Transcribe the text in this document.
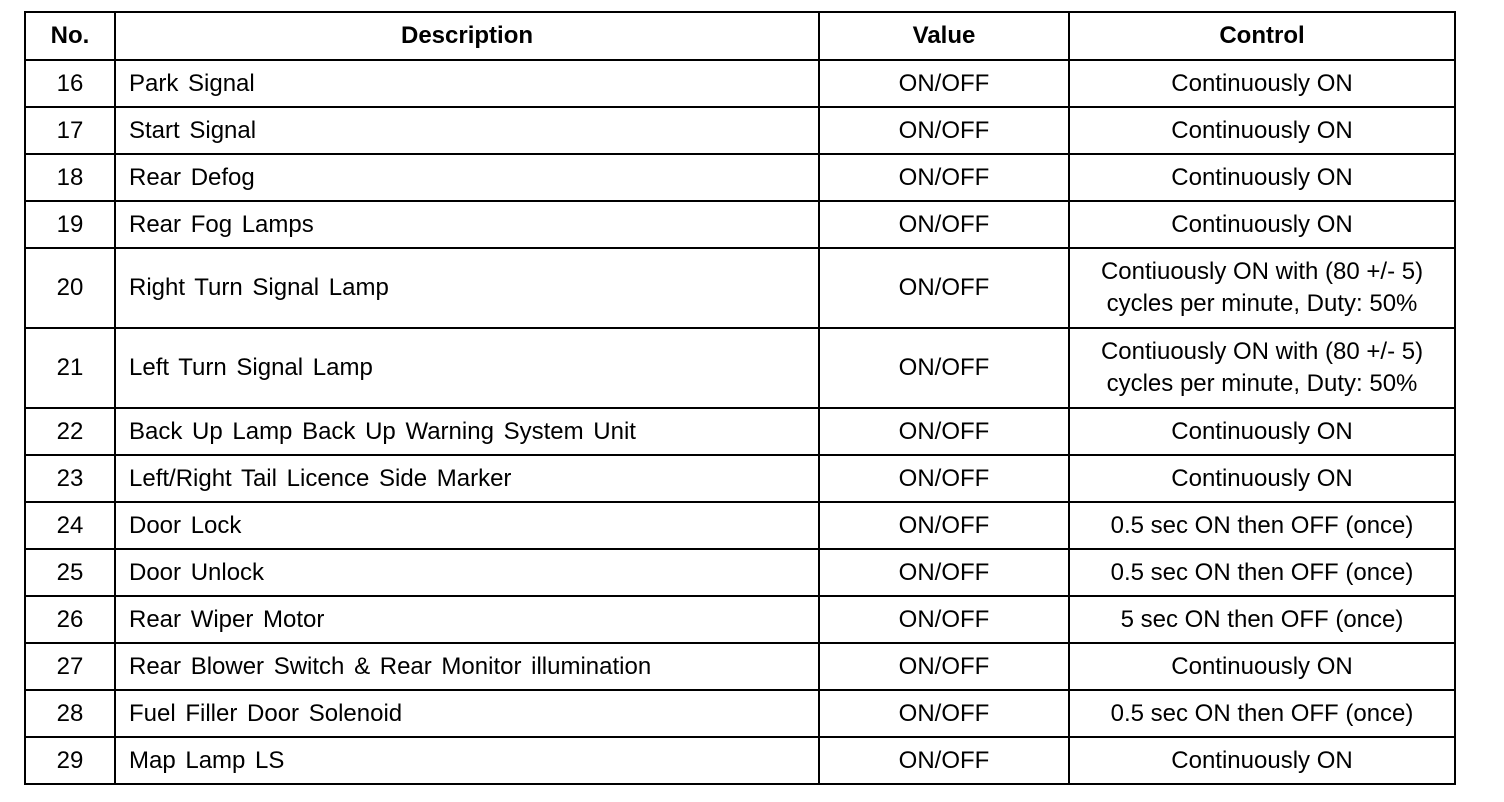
No.	Description	Value	Control
16	Park Signal	ON/OFF	Continuously ON
17	Start Signal	ON/OFF	Continuously ON
18	Rear Defog	ON/OFF	Continuously ON
19	Rear Fog Lamps	ON/OFF	Continuously ON
20	Right Turn Signal Lamp	ON/OFF	Contiuously ON with (80 +/- 5)
cycles per minute, Duty: 50%
21	Left Turn Signal Lamp	ON/OFF	Contiuously ON with (80 +/- 5)
cycles per minute, Duty: 50%
22	Back Up Lamp Back Up Warning System Unit	ON/OFF	Continuously ON
23	Left/Right Tail Licence Side Marker	ON/OFF	Continuously ON
24	Door Lock	ON/OFF	0.5 sec ON then OFF (once)
25	Door Unlock	ON/OFF	0.5 sec ON then OFF (once)
26	Rear Wiper Motor	ON/OFF	5 sec ON then OFF (once)
27	Rear Blower Switch & Rear Monitor illumination	ON/OFF	Continuously ON
28	Fuel Filler Door Solenoid	ON/OFF	0.5 sec ON then OFF (once)
29	Map Lamp LS	ON/OFF	Continuously ON
